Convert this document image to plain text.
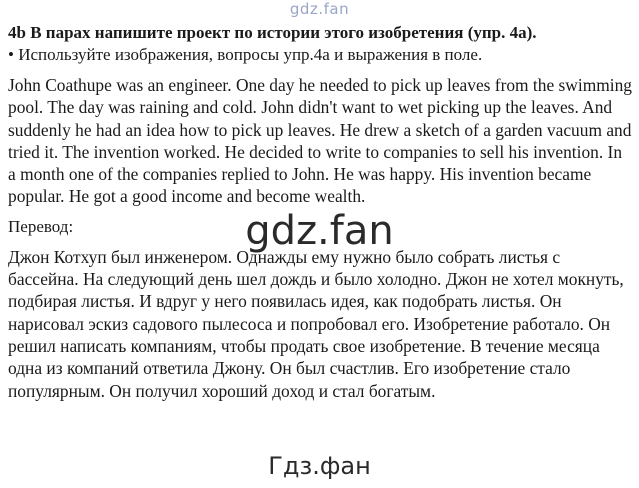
gdz.fan

4b В парах напишите проект по истории этого изобретения (упр. 4а).

• Используйте изображения, вопросы упр.4а и выражения в поле.

John Coathupe was an engineer. One day he needed to pick up leaves from the swimming pool. The day was raining and cold. John didn't want to wet picking up the leaves. And suddenly he had an idea how to pick up leaves. He drew a sketch of a garden vacuum and tried it. The invention worked. He decided to write to companies to sell his invention. In a month one of the companies replied to John. He was happy. His invention became popular. He got a good income and become wealth.

Перевод:

Джон Котхуп был инженером. Однажды ему нужно было собрать листья с бассейна. На следующий день шел дождь и было холодно. Джон не хотел мокнуть, подбирая листья. И вдруг у него появилась идея, как подобрать листья. Он нарисовал эскиз садового пылесоса и попробовал его. Изобретение работало. Он решил написать компаниям, чтобы продать свое изобретение. В течение месяца одна из компаний ответила Джону. Он был счастлив. Его изобретение стало популярным. Он получил хороший доход и стал богатым.

gdz.fan
Гдз.фан
